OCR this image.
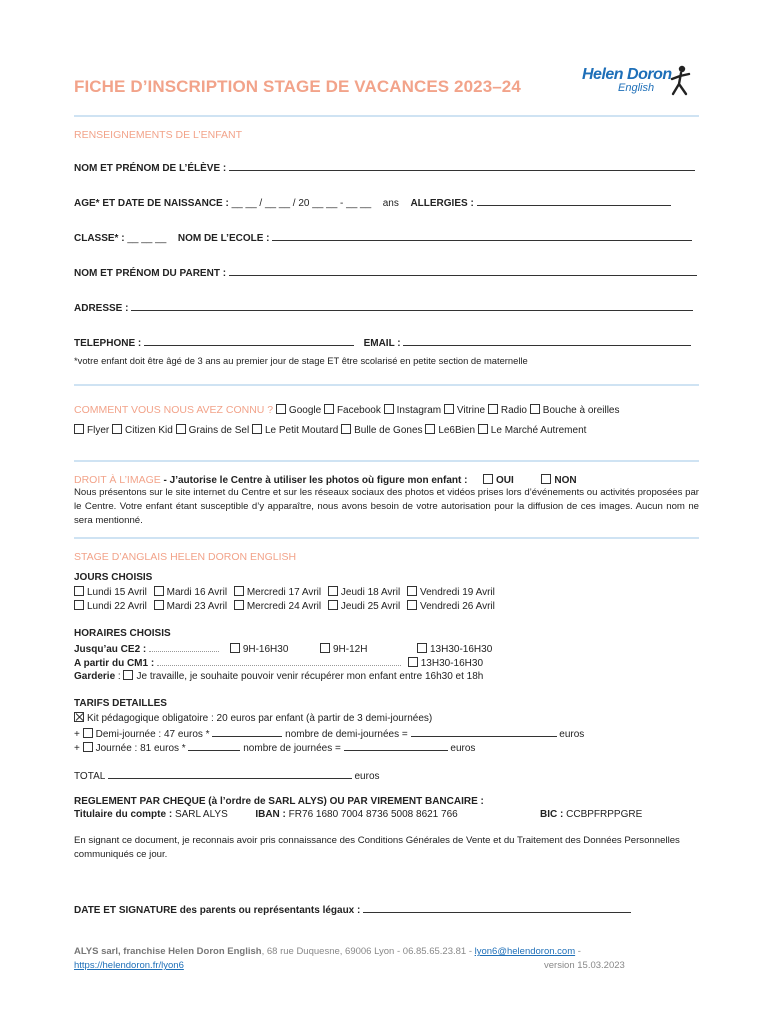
FICHE D’INSCRIPTION STAGE DE VACANCES 2023–24
Helen Doron
English
RENSEIGNEMENTS DE L’ENFANT
NOM ET PRÉNOM DE L’ÉLÈVE :
AGE* ET DATE DE NAISSANCE : __ __ / __ __ / 20 __ __ - __ __ ans ALLERGIES :
CLASSE* : __ __ __ NOM DE L’ECOLE :
NOM ET PRÉNOM DU PARENT :
ADRESSE :
TELEPHONE :	EMAIL :
*votre enfant doit être âgé de 3 ans au premier jour de stage ET être scolarisé en petite section de maternelle
COMMENT VOUS NOUS AVEZ CONNU ? Google Facebook Instagram Vitrine Radio Bouche à oreilles
Flyer Citizen Kid Grains de Sel Le Petit Moutard Bulle de Gones Le6Bien Le Marché Autrement
DROIT À L’IMAGE - J’autorise le Centre à utiliser les photos où figure mon enfant :	OUI	NON
Nous présentons sur le site internet du Centre et sur les réseaux sociaux des photos et vidéos prises lors d’événements ou activités proposées par le Centre. Votre enfant étant susceptible d’y apparaître, nous avons besoin de votre autorisation pour la diffusion de ces images. Aucun nom ne sera mentionné.
STAGE D’ANGLAIS HELEN DORON ENGLISH
JOURS CHOISIS
Lundi 15 Avril Mardi 16 Avril Mercredi 17 Avril Jeudi 18 Avril Vendredi 19 Avril
Lundi 22 Avril Mardi 23 Avril Mercredi 24 Avril Jeudi 25 Avril Vendredi 26 Avril
HORAIRES CHOISIS
Jusqu’au CE2 :	9H-16H30	9H-12H	13H30-16H30
A partir du CM1 :	13H30-16H30
Garderie : Je travaille, je souhaite pouvoir venir récupérer mon enfant entre 16h30 et 18h
TARIFS DETAILLES
Kit pédagogique obligatoire : 20 euros par enfant (à partir de 3 demi-journées)
+ Demi-journée : 47 euros *	nombre de demi-journées =	euros
+ Journée : 81 euros *	nombre de journées =	euros
TOTAL	euros
REGLEMENT PAR CHEQUE (à l’ordre de SARL ALYS) OU PAR VIREMENT BANCAIRE :
Titulaire du compte : SARL ALYS	IBAN : FR76 1680 7004 8736 5008 8621 766	BIC : CCBPFRPPGRE
En signant ce document, je reconnais avoir pris connaissance des Conditions Générales de Vente et du Traitement des Données Personnelles communiqués ce jour.
DATE ET SIGNATURE des parents ou représentants légaux :
ALYS sarl, franchise Helen Doron English, 68 rue Duquesne, 69006 Lyon - 06.85.65.23.81 - lyon6@helendoron.com -
https://helendoron.fr/lyon6	version 15.03.2023
